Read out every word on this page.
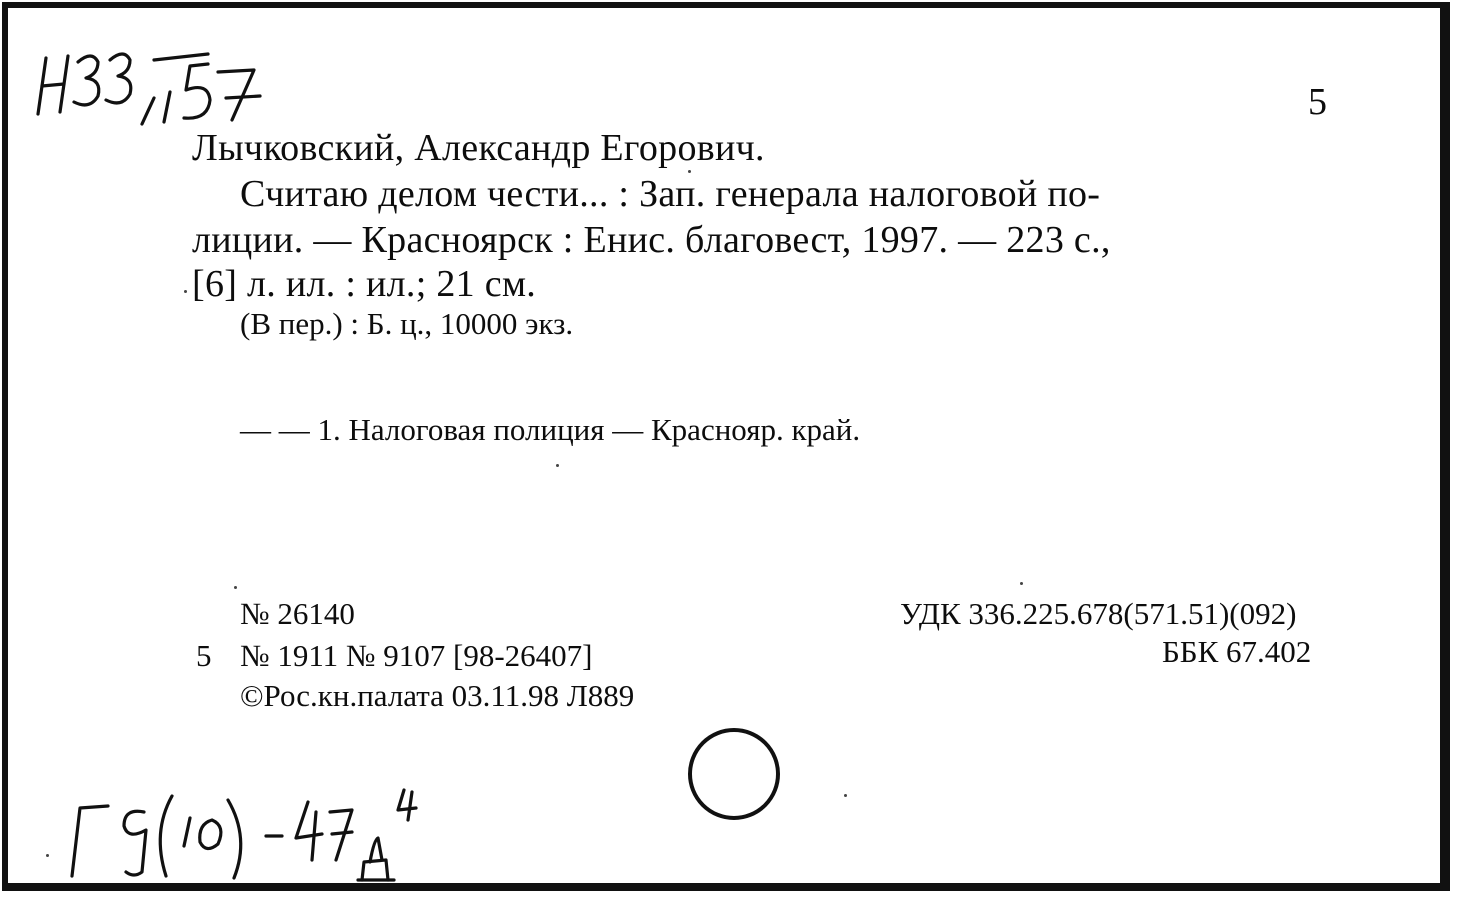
5
Лычковский, Александр Егорович.
Считаю делом чести... : Зап. генерала налоговой по-
лиции. — Красноярск : Енис. благовест, 1997. — 223 с.,
[6] л. ил. : ил.; 21 см.
(В пер.) : Б. ц., 10000 экз.
— — 1. Налоговая полиция — Краснояр. край.
№ 26140
5 № 1911 № 9107 [98-26407]
©Рос.кн.палата 03.11.98 Л889
УДК 336.225.678(571.51)(092)
ББК 67.402
